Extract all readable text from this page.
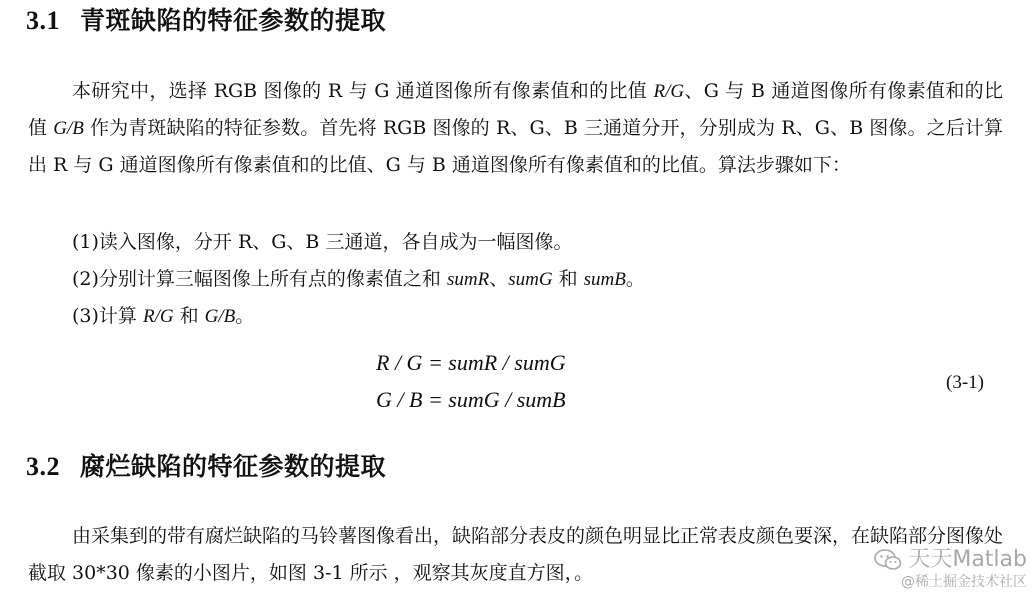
3.1 青斑缺陷的特征参数的提取

本研究中，选择 RGB 图像的 R 与 G 通道图像所有像素值和的比值 R/G、G 与 B 通道图像所有像素值和的比值 G/B 作为青斑缺陷的特征参数。首先将 RGB 图像的 R、G、B 三通道分开，分别成为 R、G、B 图像。之后计算出 R 与 G 通道图像所有像素值和的比值、G 与 B 通道图像所有像素值和的比值。算法步骤如下：

(1)读入图像，分开 R、G、B 三通道，各自成为一幅图像。

(2)分别计算三幅图像上所有点的像素值之和 sumR、sumG 和 sumB。

(3)计算 R/G 和 G/B。

R / G = sumR / sumG
G / B = sumG / sumB
(3-1)
3.2 腐烂缺陷的特征参数的提取

由采集到的带有腐烂缺陷的马铃薯图像看出，缺陷部分表皮的颜色明显比正常表皮颜色要深，在缺陷部分图像处截取 30*30 像素的小图片，如图 3-1 所示 ，观察其灰度直方图，。

天天Matlab
@稀土掘金技术社区
